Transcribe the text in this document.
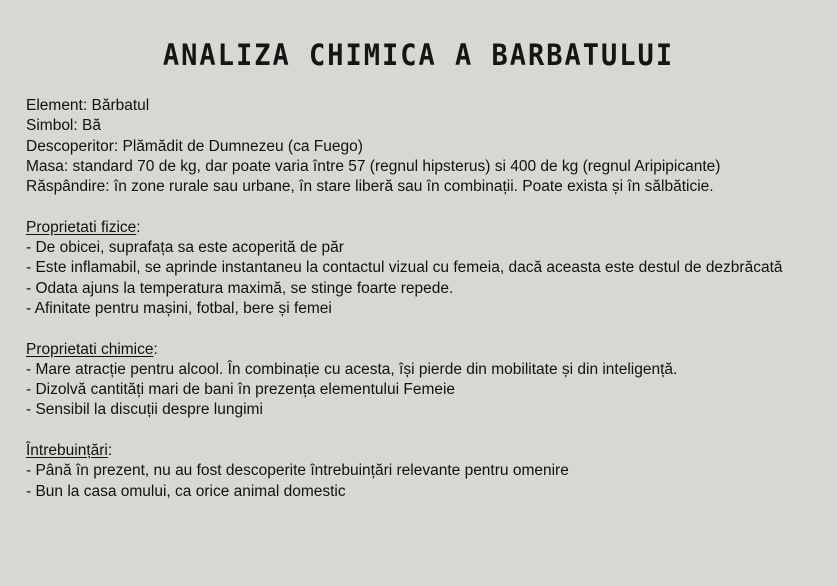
ANALIZA CHIMICA A BARBATULUI

Element: Bărbatul

Simbol: Bă

Descoperitor: Plămădit de Dumnezeu (ca Fuego)

Masa: standard 70 de kg, dar poate varia între 57 (regnul hipsterus) si 400 de kg (regnul Aripipicante)

Răspândire: în zone rurale sau urbane, în stare liberă sau în combinații. Poate exista și în sălbăticie.

Proprietati fizice:

- De obicei, suprafața sa este acoperită de păr

- Este inflamabil, se aprinde instantaneu la contactul vizual cu femeia, dacă aceasta este destul de dezbrăcată

- Odata ajuns la temperatura maximă, se stinge foarte repede.

- Afinitate pentru mașini, fotbal, bere și femei

Proprietati chimice:

- Mare atracție pentru alcool. În combinație cu acesta, își pierde din mobilitate și din inteligență.

- Dizolvă cantități mari de bani în prezența elementului Femeie

- Sensibil la discuții despre lungimi

Întrebuințări:

- Până în prezent, nu au fost descoperite întrebuințări relevante pentru omenire

- Bun la casa omului, ca orice animal domestic
